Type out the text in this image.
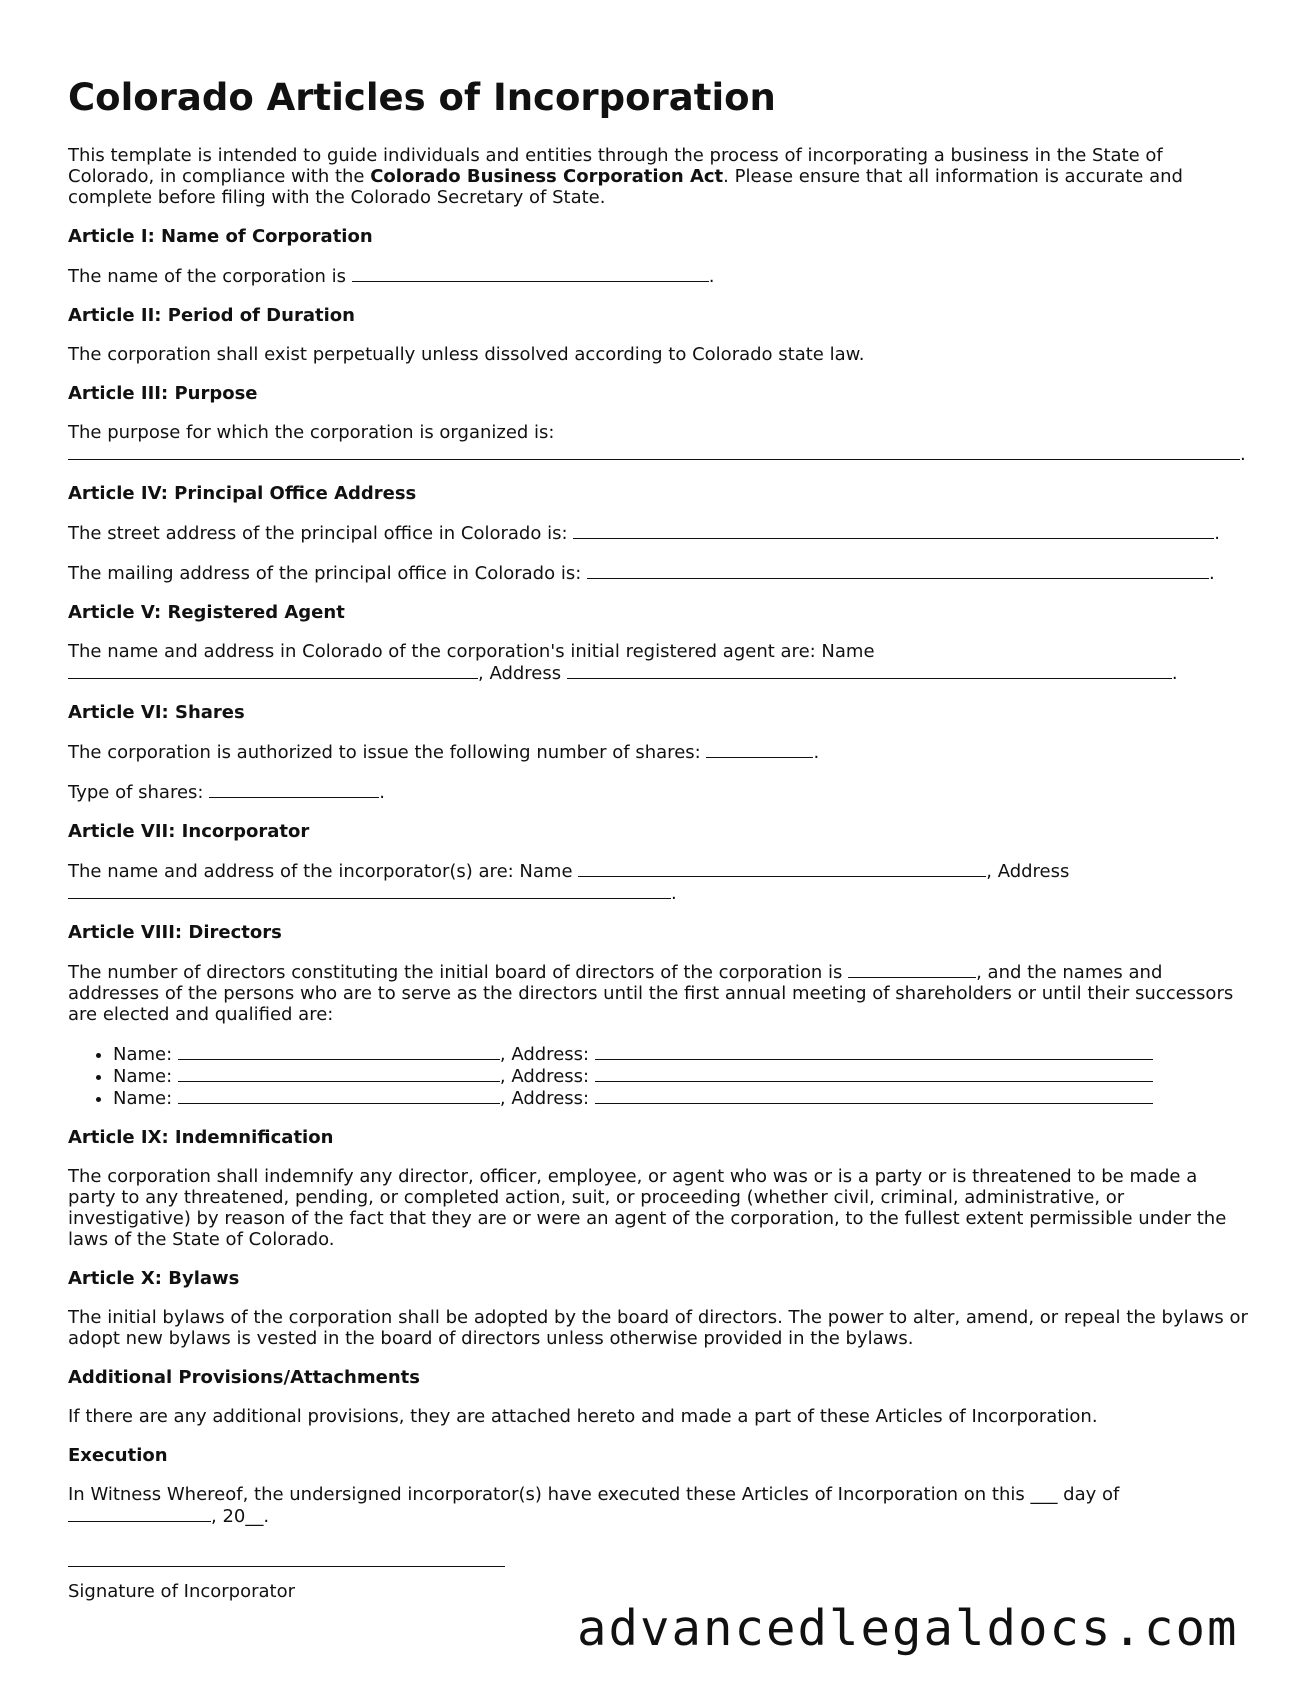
Colorado Articles of Incorporation

This template is intended to guide individuals and entities through the process of incorporating a business in the State of Colorado, in compliance with the Colorado Business Corporation Act. Please ensure that all information is accurate and complete before filing with the Colorado Secretary of State.

Article I: Name of Corporation

The name of the corporation is	.

Article II: Period of Duration

The corporation shall exist perpetually unless dissolved according to Colorado state law.

Article III: Purpose

The purpose for which the corporation is organized is:
.

Article IV: Principal Office Address

The street address of the principal office in Colorado is:	.

The mailing address of the principal office in Colorado is:	.

Article V: Registered Agent

The name and address in Colorado of the corporation's initial registered agent are: Name
, Address	.

Article VI: Shares

The corporation is authorized to issue the following number of shares:	.

Type of shares:	.

Article VII: Incorporator

The name and address of the incorporator(s) are: Name	, Address
.

Article VIII: Directors

The number of directors constituting the initial board of directors of the corporation is	, and the names and addresses of the persons who are to serve as the directors until the first annual meeting of shareholders or until their successors are elected and qualified are:

• Name:	, Address:
• Name:	, Address:
• Name:	, Address:
Article IX: Indemnification

The corporation shall indemnify any director, officer, employee, or agent who was or is a party or is threatened to be made a party to any threatened, pending, or completed action, suit, or proceeding (whether civil, criminal, administrative, or investigative) by reason of the fact that they are or were an agent of the corporation, to the fullest extent permissible under the laws of the State of Colorado.

Article X: Bylaws

The initial bylaws of the corporation shall be adopted by the board of directors. The power to alter, amend, or repeal the bylaws or adopt new bylaws is vested in the board of directors unless otherwise provided in the bylaws.

Additional Provisions/Attachments

If there are any additional provisions, they are attached hereto and made a part of these Articles of Incorporation.

Execution

In Witness Whereof, the undersigned incorporator(s) have executed these Articles of Incorporation on this ___ day of
, 20__.

Signature of Incorporator

advancedlegaldocs.com
